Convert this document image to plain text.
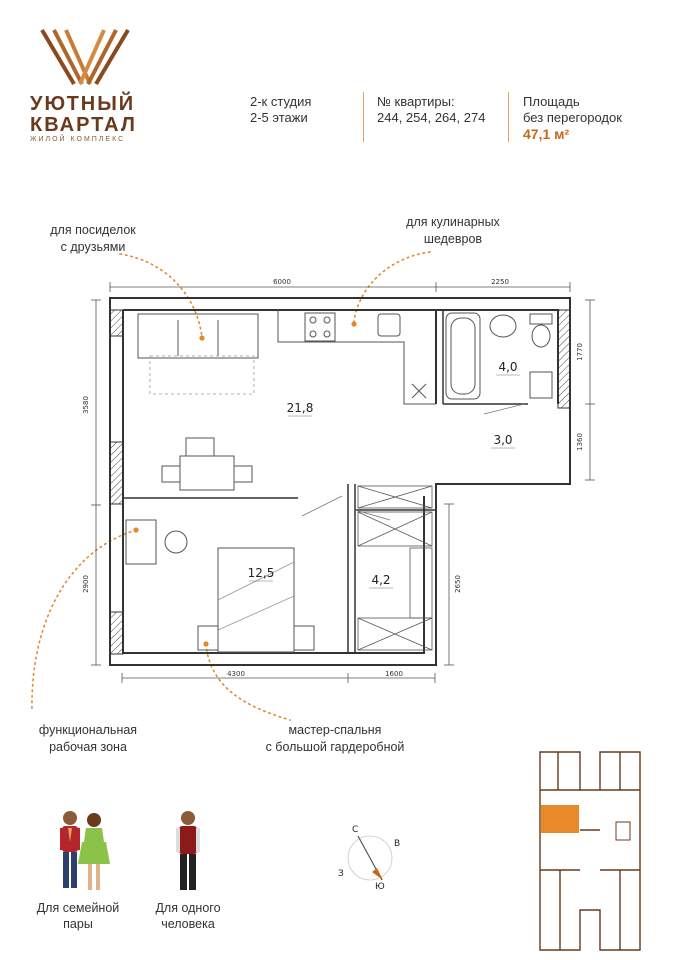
УЮТНЫЙ
КВАРТАЛ
ЖИЛОЙ КОМПЛЕКС
2-к студия
2-5 этажи
№ квартиры:
244, 254, 264, 274
Площадь
без перегородок
47,1 м²
для посиделок
с друзьями
для кулинарных
шедевров
функциональная
рабочая зона
мастер-спальня
с большой гардеробной
6000	2250
3580
2900
1770
1360
2650
4300	1600
21,8
4,0
3,0
12,5	4,2
С
В
Ю
З
Для семейной
пары
Для одного
человека
